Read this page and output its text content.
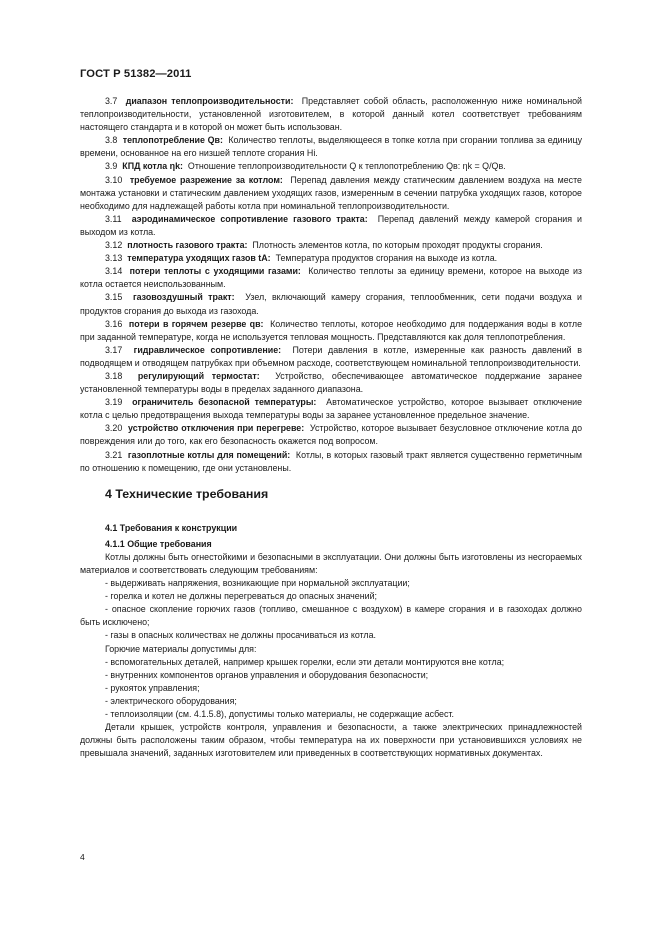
ГОСТ Р 51382—2011

3.7 диапазон теплопроизводительности: Представляет собой область, расположенную ниже номинальной теплопроизводительности, установленной изготовителем, в которой данный котел соответствует требованиям настоящего стандарта и в которой он может быть использован.

3.8 теплопотребление Qв: Количество теплоты, выделяющееся в топке котла при сгорании топлива за единицу времени, основанное на его низшей теплоте сгорания Hi.

3.9 КПД котла ηk: Отношение теплопроизводительности Q к теплопотреблению Qв: ηk = Q/Qв.

3.10 требуемое разрежение за котлом: Перепад давления между статическим давлением воздуха на месте монтажа установки и статическим давлением уходящих газов, измеренным в сечении патрубка уходящих газов, которое необходимо для надлежащей работы котла при номинальной теплопроизводительности.

3.11 аэродинамическое сопротивление газового тракта: Перепад давлений между камерой сгорания и выходом из котла.

3.12 плотность газового тракта: Плотность элементов котла, по которым проходят продукты сгорания.

3.13 температура уходящих газов tA: Температура продуктов сгорания на выходе из котла.

3.14 потери теплоты с уходящими газами: Количество теплоты за единицу времени, которое на выходе из котла остается неиспользованным.

3.15 газовоздушный тракт: Узел, включающий камеру сгорания, теплообменник, сети подачи воздуха и продуктов сгорания до выхода из газохода.

3.16 потери в горячем резерве qв: Количество теплоты, которое необходимо для поддержания воды в котле при заданной температуре, когда не используется тепловая мощность. Представляются как доля теплопотребления.

3.17 гидравлическое сопротивление: Потери давления в котле, измеренные как разность давлений в подводящем и отводящем патрубках при объемном расходе, соответствующем номинальной теплопроизводительности.

3.18 регулирующий термостат: Устройство, обеспечивающее автоматическое поддержание заранее установленной температуры воды в пределах заданного диапазона.

3.19 ограничитель безопасной температуры: Автоматическое устройство, которое вызывает отключение котла с целью предотвращения выхода температуры воды за заранее установленное предельное значение.

3.20 устройство отключения при перегреве: Устройство, которое вызывает безусловное отключение котла до повреждения или до того, как его безопасность окажется под вопросом.

3.21 газоплотные котлы для помещений: Котлы, в которых газовый тракт является существенно герметичным по отношению к помещению, где они установлены.

4 Технические требования

4.1 Требования к конструкции

4.1.1 Общие требования

Котлы должны быть огнестойкими и безопасными в эксплуатации. Они должны быть изготовлены из несгораемых материалов и соответствовать следующим требованиям:

- выдерживать напряжения, возникающие при нормальной эксплуатации;

- горелка и котел не должны перегреваться до опасных значений;

- опасное скопление горючих газов (топливо, смешанное с воздухом) в камере сгорания и в газоходах должно быть исключено;

- газы в опасных количествах не должны просачиваться из котла.

Горючие материалы допустимы для:

- вспомогательных деталей, например крышек горелки, если эти детали монтируются вне котла;

- внутренних компонентов органов управления и оборудования безопасности;

- рукояток управления;

- электрического оборудования;

- теплоизоляции (см. 4.1.5.8), допустимы только материалы, не содержащие асбест.

Детали крышек, устройств контроля, управления и безопасности, а также электрических принадлежностей должны быть расположены таким образом, чтобы температура на их поверхности при установившихся условиях не превышала значений, заданных изготовителем или приведенных в соответствующих нормативных документах.

4
